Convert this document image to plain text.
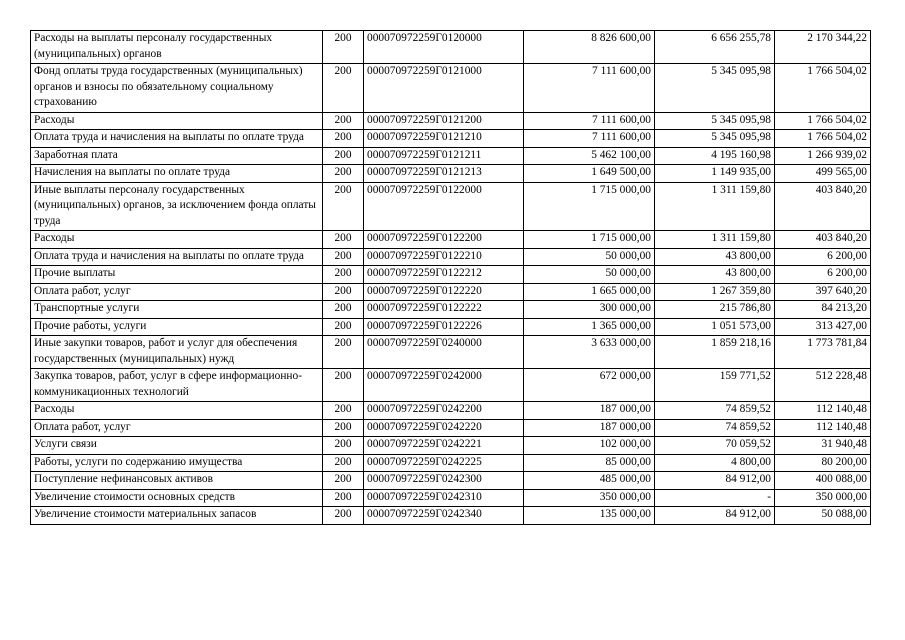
Расходы на выплаты персоналу государственных (муниципальных) органов	200	000070972259Г0120000	8 826 600,00	6 656 255,78	2 170 344,22
Фонд оплаты труда государственных (муниципальных) органов и взносы по обязательному социальному страхованию	200	000070972259Г0121000	7 111 600,00	5 345 095,98	1 766 504,02
Расходы	200	000070972259Г0121200	7 111 600,00	5 345 095,98	1 766 504,02
Оплата труда и начисления на выплаты по оплате труда	200	000070972259Г0121210	7 111 600,00	5 345 095,98	1 766 504,02
Заработная плата	200	000070972259Г0121211	5 462 100,00	4 195 160,98	1 266 939,02
Начисления на выплаты по оплате труда	200	000070972259Г0121213	1 649 500,00	1 149 935,00	499 565,00
Иные выплаты персоналу государственных (муниципальных) органов, за исключением фонда оплаты труда	200	000070972259Г0122000	1 715 000,00	1 311 159,80	403 840,20
Расходы	200	000070972259Г0122200	1 715 000,00	1 311 159,80	403 840,20
Оплата труда и начисления на выплаты по оплате труда	200	000070972259Г0122210	50 000,00	43 800,00	6 200,00
Прочие выплаты	200	000070972259Г0122212	50 000,00	43 800,00	6 200,00
Оплата работ, услуг	200	000070972259Г0122220	1 665 000,00	1 267 359,80	397 640,20
Транспортные услуги	200	000070972259Г0122222	300 000,00	215 786,80	84 213,20
Прочие работы, услуги	200	000070972259Г0122226	1 365 000,00	1 051 573,00	313 427,00
Иные закупки товаров, работ и услуг для обеспечения государственных (муниципальных) нужд	200	000070972259Г0240000	3 633 000,00	1 859 218,16	1 773 781,84
Закупка товаров, работ, услуг в сфере информационно-коммуникационных технологий	200	000070972259Г0242000	672 000,00	159 771,52	512 228,48
Расходы	200	000070972259Г0242200	187 000,00	74 859,52	112 140,48
Оплата работ, услуг	200	000070972259Г0242220	187 000,00	74 859,52	112 140,48
Услуги связи	200	000070972259Г0242221	102 000,00	70 059,52	31 940,48
Работы, услуги по содержанию имущества	200	000070972259Г0242225	85 000,00	4 800,00	80 200,00
Поступление нефинансовых активов	200	000070972259Г0242300	485 000,00	84 912,00	400 088,00
Увеличение стоимости основных средств	200	000070972259Г0242310	350 000,00	-	350 000,00
Увеличение стоимости материальных запасов	200	000070972259Г0242340	135 000,00	84 912,00	50 088,00
